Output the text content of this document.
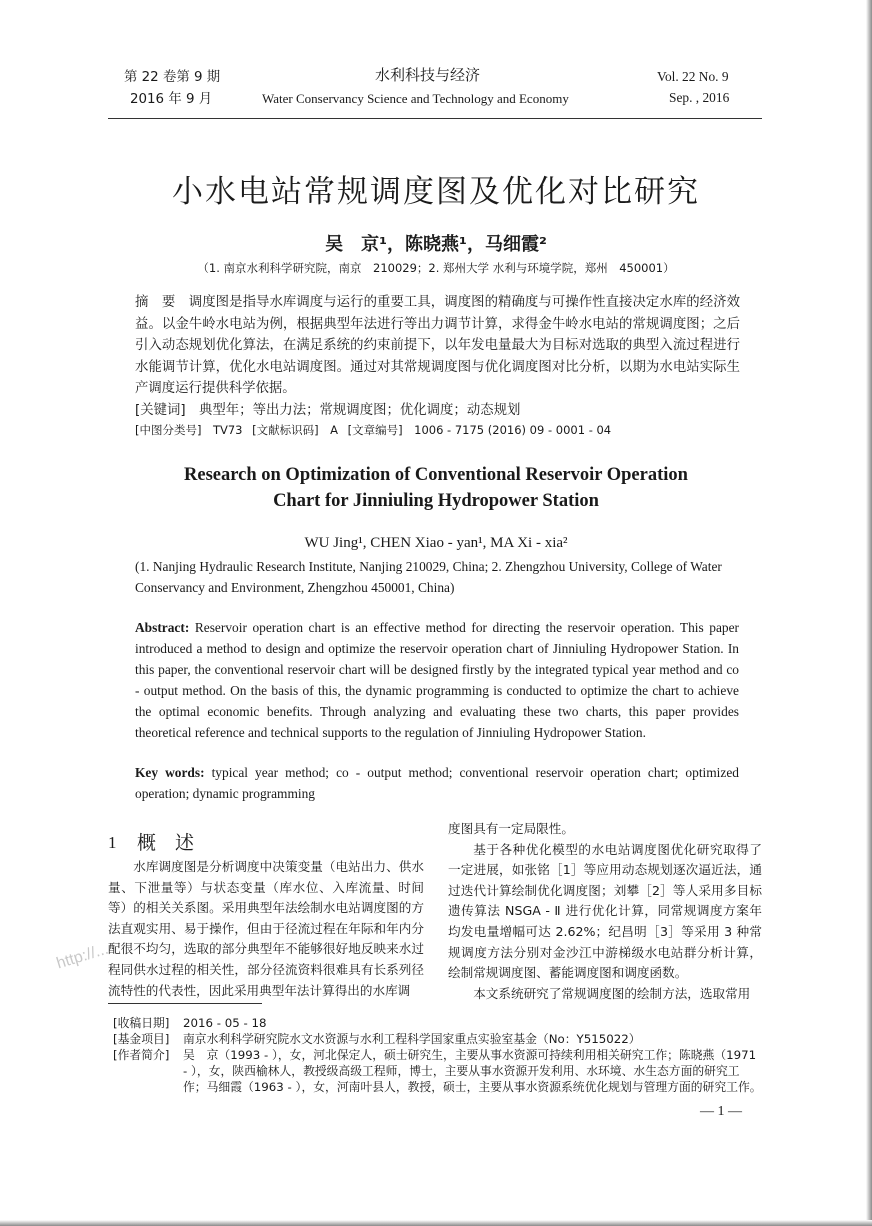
第 22 卷第 9 期
2016 年 9 月
水利科技与经济
Water Conservancy Science and Technology and Economy
Vol. 22 No. 9
Sep. , 2016
小水电站常规调度图及优化对比研究
吴　京¹，陈晓燕¹，马细霞²
（1. 南京水利科学研究院，南京　210029；2. 郑州大学 水利与环境学院，郑州　450001）
摘　要　调度图是指导水库调度与运行的重要工具，调度图的精确度与可操作性直接决定水库的经济效益。以金牛岭水电站为例，根据典型年法进行等出力调节计算，求得金牛岭水电站的常规调度图；之后引入动态规划优化算法，在满足系统的约束前提下，以年发电量最大为目标对选取的典型入流过程进行水能调节计算，优化水电站调度图。通过对其常规调度图与优化调度图对比分析，以期为水电站实际生产调度运行提供科学依据。
[关键词]　典型年；等出力法；常规调度图；优化调度；动态规划
[中图分类号]　TV73 [文献标识码]　A [文章编号]　1006 - 7175 (2016) 09 - 0001 - 04
Research on Optimization of Conventional Reservoir Operation
Chart for Jinniuling Hydropower Station
WU Jing¹, CHEN Xiao - yan¹, MA Xi - xia²
(1. Nanjing Hydraulic Research Institute, Nanjing 210029, China; 2. Zhengzhou University, College of Water Conservancy and Environment, Zhengzhou 450001, China)
Abstract: Reservoir operation chart is an effective method for directing the reservoir operation. This paper introduced a method to design and optimize the reservoir operation chart of Jinniuling Hydropower Station. In this paper, the conventional reservoir chart will be designed firstly by the integrated typical year method and co - output method. On the basis of this, the dynamic programming is conducted to optimize the chart to achieve the optimal economic benefits. Through analyzing and evaluating these two charts, this paper provides theoretical reference and technical supports to the regulation of Jinniuling Hydropower Station.
Key words: typical year method; co - output method; conventional reservoir operation chart; optimized operation; dynamic programming
1 概　述

水库调度图是分析调度中决策变量（电站出力、供水量、下泄量等）与状态变量（库水位、入库流量、时间等）的相关关系图。采用典型年法绘制水电站调度图的方法直观实用、易于操作，但由于径流过程在年际和年内分配很不均匀，选取的部分典型年不能够很好地反映来水过程同供水过程的相关性，部分径流资料很难具有长系列径流特性的代表性，因此采用典型年法计算得出的水库调

度图具有一定局限性。

基于各种优化模型的水电站调度图优化研究取得了一定进展，如张铭［1］等应用动态规划逐次逼近法，通过迭代计算绘制优化调度图；刘攀［2］等人采用多目标遗传算法 NSGA - Ⅱ 进行优化计算，同常规调度方案年均发电量增幅可达 2.62%；纪昌明［3］等采用 3 种常规调度方法分别对金沙江中游梯级水电站群分析计算，绘制常规调度图、蓄能调度图和调度函数。

本文系统研究了常规调度图的绘制方法，选取常用

http://...
[收稿日期]	2016 - 05 - 18
[基金项目]	南京水利科学研究院水文水资源与水利工程科学国家重点实验室基金（No：Y515022）
[作者简介]	吴　京（1993 - ），女，河北保定人，硕士研究生，主要从事水资源可持续利用相关研究工作；陈晓燕（1971 - ），女，陕西榆林人，教授级高级工程师，博士，主要从事水资源开发利用、水环境、水生态方面的研究工作；马细霞（1963 - ），女，河南叶县人，教授，硕士，主要从事水资源系统优化规划与管理方面的研究工作。
— 1 —
